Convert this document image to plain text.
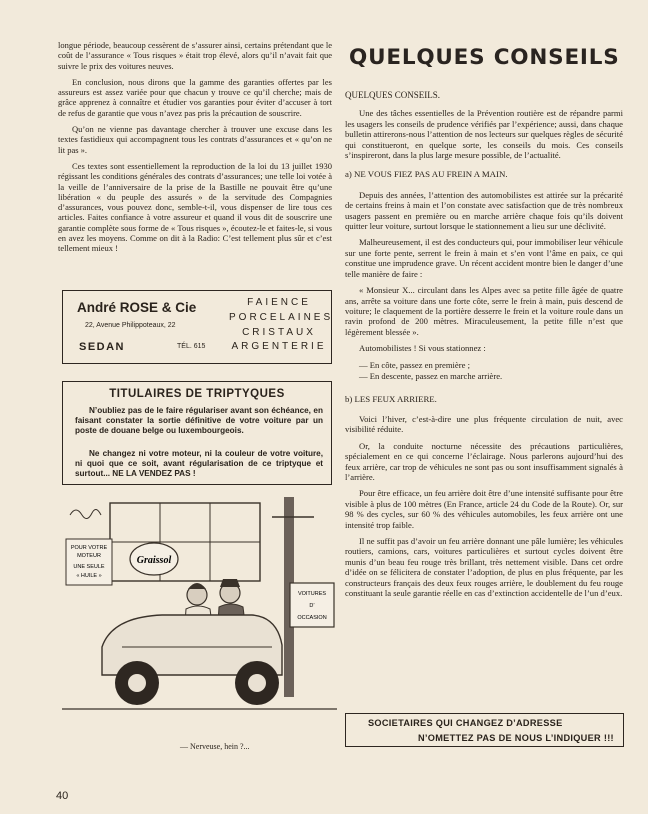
longue période, beaucoup cessèrent de s’assurer ainsi, certains prétendant que le coût de l’assurance « Tous risques » était trop élevé, alors qu’il n’avait fait que suivre le prix des voitures neuves.

En conclusion, nous dirons que la gamme des garanties offertes par les assureurs est assez variée pour que chacun y trouve ce qu’il cherche; mais de grâce apprenez à connaître et étudier vos garanties pour éviter d’accuser à tort de refus de garantie que vous n’avez pas pris la précaution de souscrire.

Qu’on ne vienne pas davantage chercher à trouver une excuse dans les textes fastidieux qui accompagnent tous les contrats d’assurances et « qu’on ne lit pas ».

Ces textes sont essentiellement la reproduction de la loi du 13 juillet 1930 régissant les conditions générales des contrats d’assurances; une telle loi votée à la veille de l’anniversaire de la prise de la Bastille ne pouvait être qu’une libération « du peuple des assurés » de la servitude des Compagnies d’assurances, vous pouvez donc, semble-t-il, vous dispenser de lire tous ces articles. Faites confiance à votre assureur et quand il vous dit de souscrire une garantie complète sous forme de « Tous risques », écoutez-le et faites-le, si vous en avez les moyens. Comme on dit à la Radio: C’est tellement plus sûr et c’est tellement mieux !

André ROSE & Cie
22, Avenue Philippoteaux, 22
SEDAN	TÉL. 615
FAIENCE
PORCELAINES
CRISTAUX
ARGENTERIE
TITULAIRES DE TRIPTYQUES
N’oubliez pas de le faire régulariser avant son échéance, en faisant constater la sortie définitive de votre voiture par un poste de douane belge ou luxembourgeois.
Ne changez ni votre moteur, ni la couleur de votre voiture, ni quoi que ce soit, avant régularisation de ce triptyque et surtout... NE LA VENDEZ PAS !
POUR VOTRE
MOTEUR
UNE SEULE
« HUILE »
Graissol
VOITURES
D’
OCCASION
— Nerveuse, hein ?...
QUELQUES CONSEILS

QUELQUES CONSEILS.

Une des tâches essentielles de la Prévention routière est de répandre parmi les usagers les conseils de prudence vérifiés par l’expérience; aussi, dans chaque bulletin attirerons-nous l’attention de nos lecteurs sur quelques règles de sécurité qui constitueront, en quelque sorte, les conseils du mois. Ces conseils s’inspireront, dans la plus large mesure possible, de l’actualité.

a) NE VOUS FIEZ PAS AU FREIN A MAIN.

Depuis des années, l’attention des automobilistes est attirée sur la précarité de certains freins à main et l’on constate avec satisfaction que de très nombreux usagers passent en première ou en marche arrière chaque fois qu’ils doivent quitter leur voiture, surtout lorsque le stationnement a lieu sur une déclivité.

Malheureusement, il est des conducteurs qui, pour immobiliser leur véhicule sur une forte pente, serrent le frein à main et s’en vont l’âme en paix, ce qui constitue une imprudence grave. Un récent accident montre bien le danger d’une telle manière de faire :

« Monsieur X... circulant dans les Alpes avec sa petite fille âgée de quatre ans, arrête sa voiture dans une forte côte, serre le frein à main, puis descend de voiture; le claquement de la portière desserre le frein et la voiture roule dans un ravin profond de 200 mètres. Miraculeusement, la petite fille n’est que légèrement blessée ».

Automobilistes ! Si vous stationnez :

— En côte, passez en première ;
— En descente, passez en marche arrière.

b) LES FEUX ARRIERE.

Voici l’hiver, c’est-à-dire une plus fréquente circulation de nuit, avec visibilité réduite.

Or, la conduite nocturne nécessite des précautions particulières, spécialement en ce qui concerne l’éclairage. Nous parlerons aujourd’hui des feux arrière, car trop de véhicules ne sont pas ou sont insuffisamment signalés à l’arrière.

Pour être efficace, un feu arrière doit être d’une intensité suffisante pour être visible à plus de 100 mètres (En France, article 24 du Code de la Route). Or, sur 98 % des cycles, sur 60 % des véhicules automobiles, les feux arrière ont une intensité trop faible.

Il ne suffit pas d’avoir un feu arrière donnant une pâle lumière; les véhicules routiers, camions, cars, voitures particulières et surtout cycles doivent être munis d’un beau feu rouge très brillant, très nettement visible. Dans cet ordre d’idée on se félicitera de constater l’adoption, de plus en plus fréquente, par les constructeurs français des deux feux rouges arrière, le doublement du feu rouge constituant la seule garantie réelle en cas d’extinction accidentelle de l’un d’eux.

SOCIETAIRES QUI CHANGEZ D’ADRESSE
N’OMETTEZ PAS DE NOUS L’INDIQUER !!!
40
